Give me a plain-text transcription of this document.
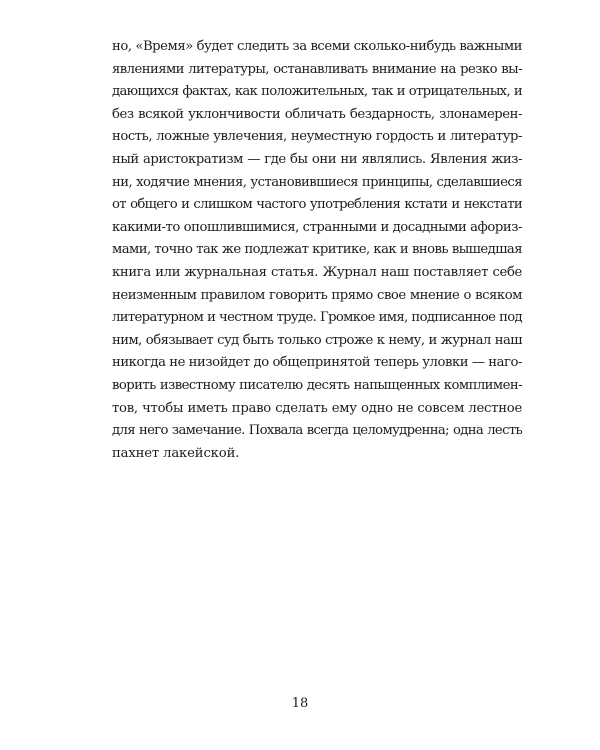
но, «Время» будет следить за всеми сколько-нибудь важными
явлениями литературы, останавливать внимание на резко вы-
дающихся фактах, как положительных, так и отрицательных, и
без всякой уклончивости обличать бездарность, злонамерен-
ность, ложные увлечения, неуместную гордость и литератур-
ный аристократизм — где бы они ни являлись. Явления жиз-
ни, ходячие мнения, установившиеся принципы, сделавшиеся
от общего и слишком частого употребления кстати и некстати
какими-то опошлившимися, странными и досадными афориз-
мами, точно так же подлежат критике, как и вновь вышедшая
книга или журнальная статья. Журнал наш поставляет себе
неизменным правилом говорить прямо свое мнение о всяком
литературном и честном труде. Громкое имя, подписанное под
ним, обязывает суд быть только строже к нему, и журнал наш
никогда не низойдет до общепринятой теперь уловки — наго-
ворить известному писателю десять напыщенных комплимен-
тов, чтобы иметь право сделать ему одно не совсем лестное
для него замечание. Похвала всегда целомудренна; одна лесть
пахнет лакейской.
18
